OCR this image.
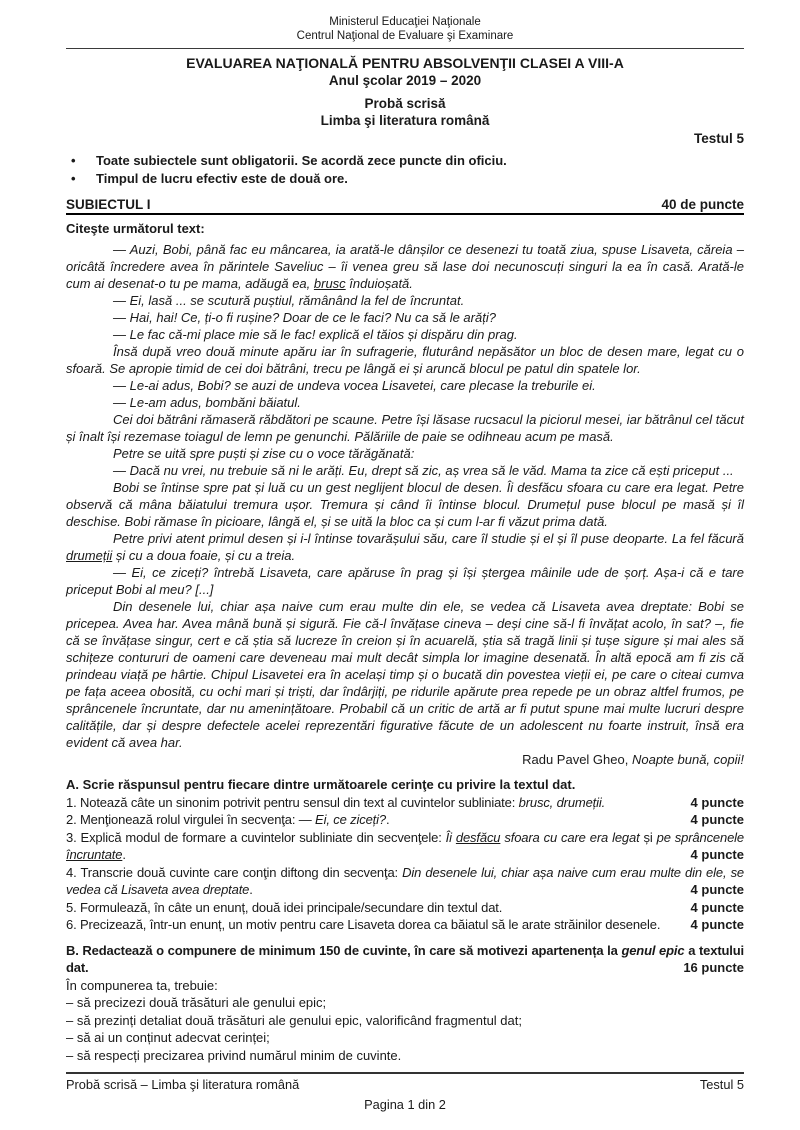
Ministerul Educaţiei Naţionale
Centrul Naţional de Evaluare şi Examinare
EVALUAREA NAŢIONALĂ PENTRU ABSOLVENŢII CLASEI A VIII-A
Anul şcolar 2019 – 2020
Probă scrisă
Limba şi literatura română
Testul 5
•	Toate subiectele sunt obligatorii. Se acordă zece puncte din oficiu.
•	Timpul de lucru efectiv este de două ore.
SUBIECTUL I	40 de puncte
Citeşte următorul text:

— Auzi, Bobi, până fac eu mâncarea, ia arată-le dânșilor ce desenezi tu toată ziua, spuse Lisaveta, căreia – oricâtă încredere avea în părintele Saveliuc – îi venea greu să lase doi necunoscuți singuri la ea în casă. Arată-le cum ai desenat-o tu pe mama, adăugă ea, brusc înduioșată.

— Ei, lasă ... se scutură puștiul, rămânând la fel de încruntat.

— Hai, hai! Ce, ți-o fi rușine? Doar de ce le faci? Nu ca să le arăți?

— Le fac că-mi place mie să le fac! explică el tăios și dispăru din prag.

Însă după vreo două minute apăru iar în sufragerie, fluturând nepăsător un bloc de desen mare, legat cu o sfoară. Se apropie timid de cei doi bătrâni, trecu pe lângă ei și aruncă blocul pe patul din spatele lor.

— Le-ai adus, Bobi? se auzi de undeva vocea Lisavetei, care plecase la treburile ei.

— Le-am adus, bombăni băiatul.

Cei doi bătrâni rămaseră răbdători pe scaune. Petre își lăsase rucsacul la piciorul mesei, iar bătrânul cel tăcut și înalt își rezemase toiagul de lemn pe genunchi. Pălăriile de paie se odihneau acum pe masă.

Petre se uită spre puști și zise cu o voce tărăgănată:

— Dacă nu vrei, nu trebuie să ni le arăți. Eu, drept să zic, aș vrea să le văd. Mama ta zice că ești priceput ...

Bobi se întinse spre pat și luă cu un gest neglijent blocul de desen. Îi desfăcu sfoara cu care era legat. Petre observă că mâna băiatului tremura ușor. Tremura și când îi întinse blocul. Drumețul puse blocul pe masă și îl deschise. Bobi rămase în picioare, lângă el, și se uită la bloc ca și cum l-ar fi văzut prima dată.

Petre privi atent primul desen și i-l întinse tovarășului său, care îl studie și el și îl puse deoparte. La fel făcură drumeții și cu a doua foaie, și cu a treia.

— Ei, ce ziceți? întrebă Lisaveta, care apăruse în prag și își ștergea mâinile ude de șorț. Așa-i că e tare priceput Bobi al meu? [...]

Din desenele lui, chiar așa naive cum erau multe din ele, se vedea că Lisaveta avea dreptate: Bobi se pricepea. Avea har. Avea mână bună și sigură. Fie că-l învățase cineva – deși cine să-l fi învățat acolo, în sat? –, fie că se învățase singur, cert e că știa să lucreze în creion și în acuarelă, știa să tragă linii și tușe sigure și mai ales să schițeze contururi de oameni care deveneau mai mult decât simpla lor imagine desenată. În altă epocă am fi zis că prindeau viață pe hârtie. Chipul Lisavetei era în același timp și o bucată din povestea vieții ei, pe care o citeai cumva pe fața aceea obosită, cu ochi mari și triști, dar îndârjiți, pe ridurile apărute prea repede pe un obraz altfel frumos, pe sprâncenele încruntate, dar nu amenințătoare. Probabil că un critic de artă ar fi putut spune mai multe lucruri despre calitățile, dar și despre defectele acelei reprezentări figurative făcute de un adolescent nu foarte instruit, însă era evident că avea har.

Radu Pavel Gheo, Noapte bună, copii!

A. Scrie răspunsul pentru fiecare dintre următoarele cerinţe cu privire la textul dat.
1. Notează câte un sinonim potrivit pentru sensul din text al cuvintelor subliniate: brusc, drumeții.	4 puncte
2. Menţionează rolul virgulei în secvenţa: — Ei, ce ziceți?.	4 puncte
3. Explică modul de formare a cuvintelor subliniate din secvenţele: Îi desfăcu sfoara cu care era legat și pe sprâncenele încruntate.	4 puncte
4. Transcrie două cuvinte care conţin diftong din secvenţa: Din desenele lui, chiar așa naive cum erau multe din ele, se vedea că Lisaveta avea dreptate.	4 puncte
5. Formulează, în câte un enunț, două idei principale/secundare din textul dat.	4 puncte
6. Precizează, într-un enunț, un motiv pentru care Lisaveta dorea ca băiatul să le arate străinilor desenele.	4 puncte
B. Redactează o compunere de minimum 150 de cuvinte, în care să motivezi apartenența la genul epic a textului dat.	16 puncte
În compunerea ta, trebuie:
– să precizezi două trăsături ale genului epic;
– să prezinți detaliat două trăsături ale genului epic, valorificând fragmentul dat;
– să ai un conținut adecvat cerinței;
– să respecți precizarea privind numărul minim de cuvinte.
Probă scrisă – Limba şi literatura română	Testul 5
Pagina 1 din 2
